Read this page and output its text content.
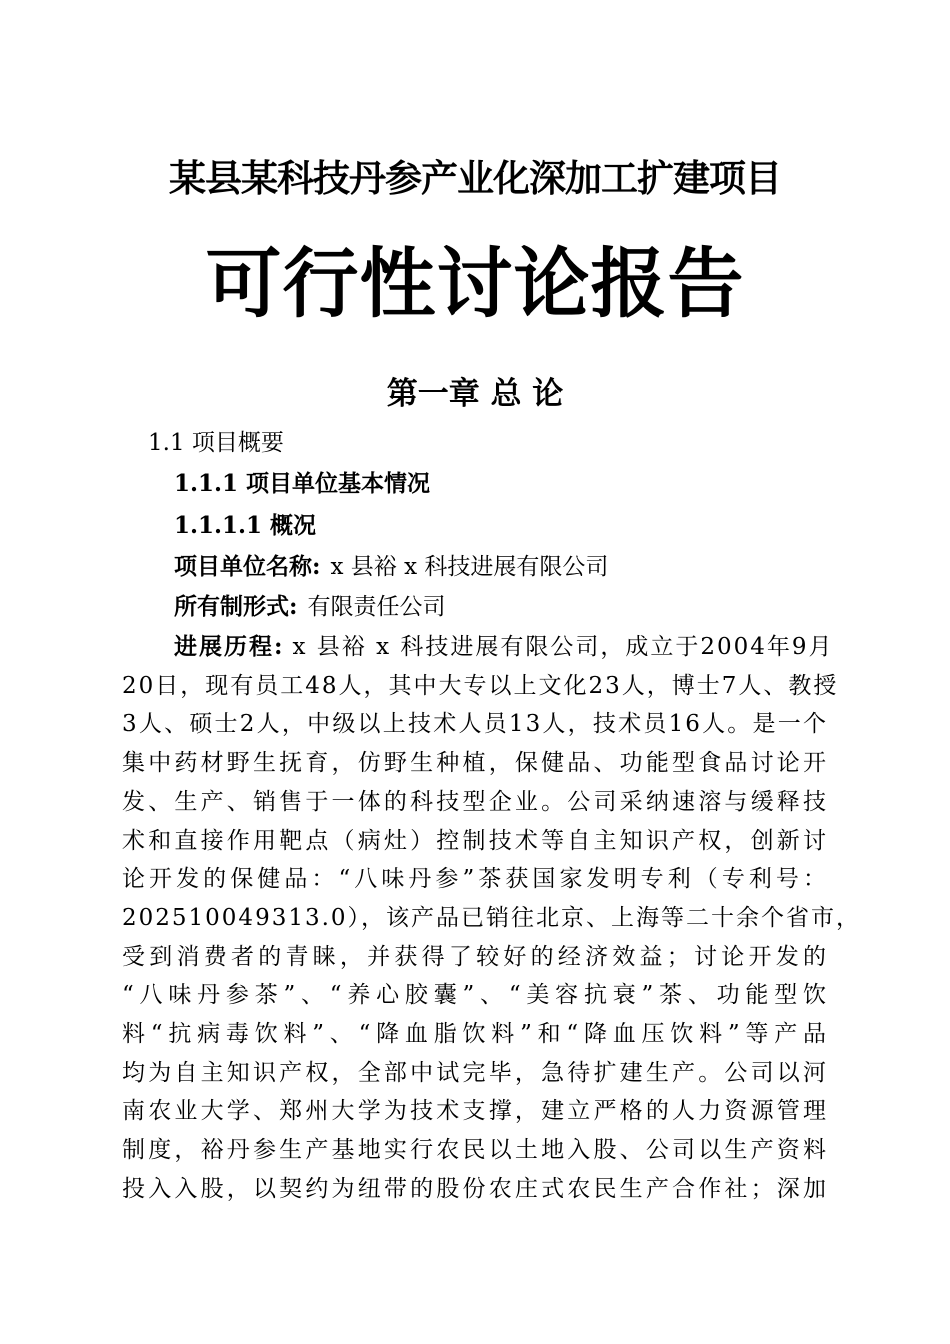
某县某科技丹参产业化深加工扩建项目
可行性讨论报告
第一章 总 论
1.1 项目概要
1.1.1 项目单位基本情况
1.1.1.1 概况
项目单位名称: x 县裕 x 科技进展有限公司
所有制形式: 有限责任公司
进展历程: x 县裕 x 科技进展有限公司，成立于2004年9月
20日，现有员工48人，其中大专以上文化23人，博士7人、教授
3人、硕士2人，中级以上技术人员13人，技术员16人。是一个
集中药材野生抚育，仿野生种植，保健品、功能型食品讨论开
发、生产、销售于一体的科技型企业。公司采纳速溶与缓释技
术和直接作用靶点（病灶）控制技术等自主知识产权，创新讨
论开发的保健品：“八味丹参”茶获国家发明专利（专利号：
202510049313.0），该产品已销往北京、上海等二十余个省市，
受到消费者的青睐，并获得了较好的经济效益；讨论开发的
“八味丹参茶”、“养心胶囊”、“美容抗衰”茶、功能型饮
料“抗病毒饮料”、“降血脂饮料”和“降血压饮料”等产品
均为自主知识产权，全部中试完毕，急待扩建生产。公司以河
南农业大学、郑州大学为技术支撑，建立严格的人力资源管理
制度，裕丹参生产基地实行农民以土地入股、公司以生产资料
投入入股，以契约为纽带的股份农庄式农民生产合作社；深加
